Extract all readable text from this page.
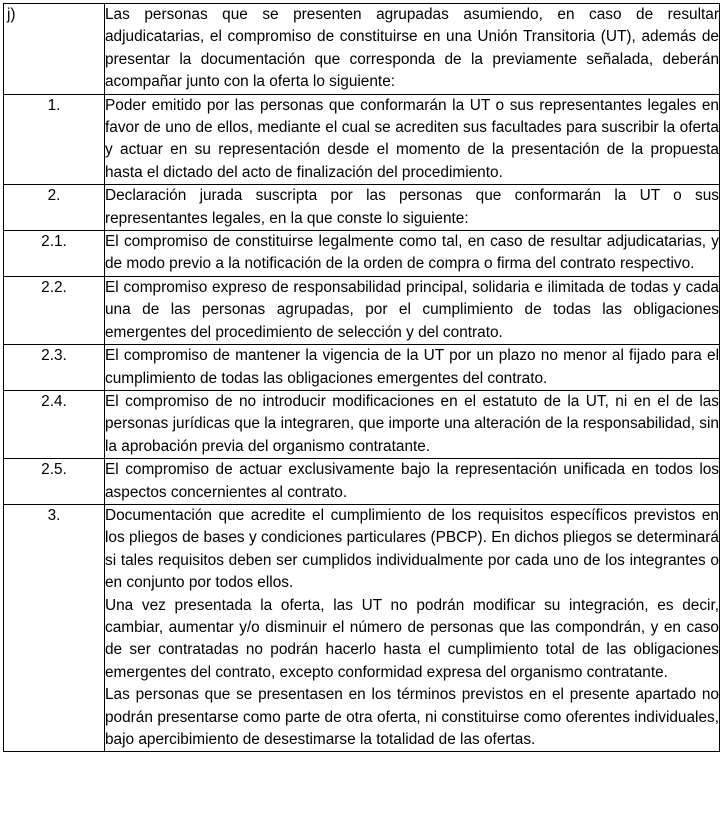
j)	Las personas que se presenten agrupadas asumiendo, en caso de resultar adjudicatarias, el compromiso de constituirse en una Unión Transitoria (UT), además de presentar la documentación que corresponda de la previamente señalada, deberán acompañar junto con la oferta lo siguiente:

1.	Poder emitido por las personas que conformarán la UT o sus representantes legales en favor de uno de ellos, mediante el cual se acrediten sus facultades para suscribir la oferta y actuar en su representación desde el momento de la presentación de la propuesta hasta el dictado del acto de finalización del procedimiento.

2.	Declaración jurada suscripta por las personas que conformarán la UT o sus representantes legales, en la que conste lo siguiente:

2.1.	El compromiso de constituirse legalmente como tal, en caso de resultar adjudicatarias, y de modo previo a la notificación de la orden de compra o firma del contrato respectivo.

2.2.	El compromiso expreso de responsabilidad principal, solidaria e ilimitada de todas y cada una de las personas agrupadas, por el cumplimiento de todas las obligaciones emergentes del procedimiento de selección y del contrato.

2.3.	El compromiso de mantener la vigencia de la UT por un plazo no menor al fijado para el cumplimiento de todas las obligaciones emergentes del contrato.

2.4.	El compromiso de no introducir modificaciones en el estatuto de la UT, ni en el de las personas jurídicas que la integraren, que importe una alteración de la responsabilidad, sin la aprobación previa del organismo contratante.

2.5.	El compromiso de actuar exclusivamente bajo la representación unificada en todos los aspectos concernientes al contrato.

3.	Documentación que acredite el cumplimiento de los requisitos específicos previstos en los pliegos de bases y condiciones particulares (PBCP). En dichos pliegos se determinará si tales requisitos deben ser cumplidos individualmente por cada uno de los integrantes o en conjunto por todos ellos.
Una vez presentada la oferta, las UT no podrán modificar su integración, es decir, cambiar, aumentar y/o disminuir el número de personas que las compondrán, y en caso de ser contratadas no podrán hacerlo hasta el cumplimiento total de las obligaciones emergentes del contrato, excepto conformidad expresa del organismo contratante.
Las personas que se presentasen en los términos previstos en el presente apartado no podrán presentarse como parte de otra oferta, ni constituirse como oferentes individuales, bajo apercibimiento de desestimarse la totalidad de las ofertas.
